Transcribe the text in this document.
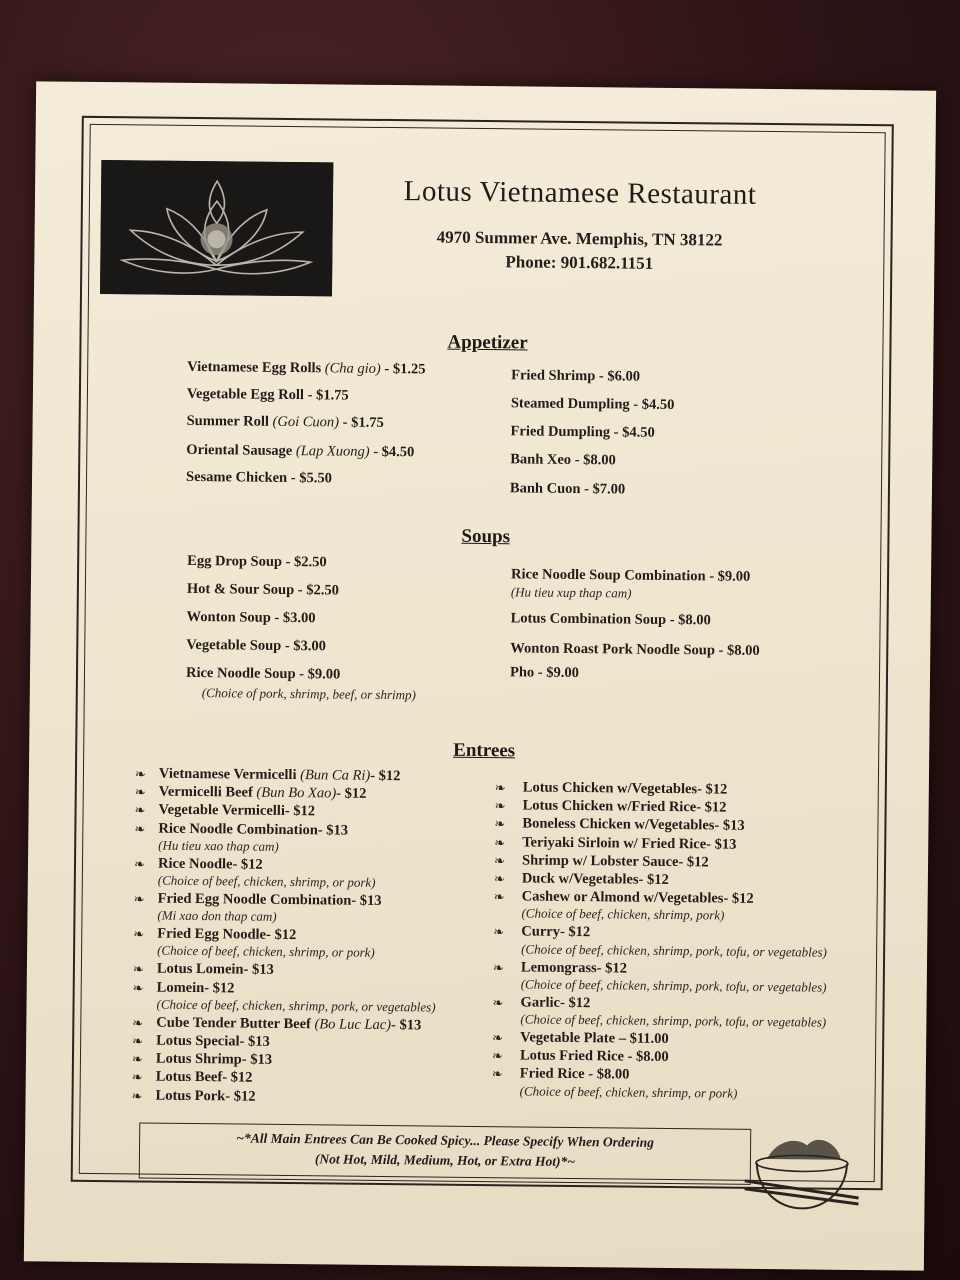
Lotus Vietnamese Restaurant
4970 Summer Ave. Memphis, TN 38122
Phone: 901.682.1151
Appetizer
Vietnamese Egg Rolls (Cha gio) - $1.25
Vegetable Egg Roll - $1.75
Summer Roll (Goi Cuon) - $1.75
Oriental Sausage (Lap Xuong) - $4.50
Sesame Chicken - $5.50
Fried Shrimp - $6.00
Steamed Dumpling - $4.50
Fried Dumpling - $4.50
Banh Xeo - $8.00
Banh Cuon - $7.00
Soups
Egg Drop Soup - $2.50
Hot & Sour Soup - $2.50
Wonton Soup - $3.00
Vegetable Soup - $3.00
Rice Noodle Soup - $9.00
(Choice of pork, shrimp, beef, or shrimp)
Rice Noodle Soup Combination - $9.00
(Hu tieu xup thap cam)
Lotus Combination Soup - $8.00
Wonton Roast Pork Noodle Soup - $8.00
Pho - $9.00
Entrees
❧ Vietnamese Vermicelli (Bun Ca Ri)- $12
❧ Vermicelli Beef (Bun Bo Xao)- $12
❧ Vegetable Vermicelli- $12
❧ Rice Noodle Combination- $13
(Hu tieu xao thap cam)
❧ Rice Noodle- $12
(Choice of beef, chicken, shrimp, or pork)
❧ Fried Egg Noodle Combination- $13
(Mi xao don thap cam)
❧ Fried Egg Noodle- $12
(Choice of beef, chicken, shrimp, or pork)
❧ Lotus Lomein- $13
❧ Lomein- $12
(Choice of beef, chicken, shrimp, pork, or vegetables)
❧ Cube Tender Butter Beef (Bo Luc Lac)- $13
❧ Lotus Special- $13
❧ Lotus Shrimp- $13
❧ Lotus Beef- $12
❧ Lotus Pork- $12
❧ Lotus Chicken w/Vegetables- $12
❧ Lotus Chicken w/Fried Rice- $12
❧ Boneless Chicken w/Vegetables- $13
❧ Teriyaki Sirloin w/ Fried Rice- $13
❧ Shrimp w/ Lobster Sauce- $12
❧ Duck w/Vegetables- $12
❧ Cashew or Almond w/Vegetables- $12
(Choice of beef, chicken, shrimp, pork)
❧ Curry- $12
(Choice of beef, chicken, shrimp, pork, tofu, or vegetables)
❧ Lemongrass- $12
(Choice of beef, chicken, shrimp, pork, tofu, or vegetables)
❧ Garlic- $12
(Choice of beef, chicken, shrimp, pork, tofu, or vegetables)
❧ Vegetable Plate – $11.00
❧ Lotus Fried Rice - $8.00
❧ Fried Rice - $8.00
(Choice of beef, chicken, shrimp, or pork)
~*All Main Entrees Can Be Cooked Spicy... Please Specify When Ordering
(Not Hot, Mild, Medium, Hot, or Extra Hot)*~
